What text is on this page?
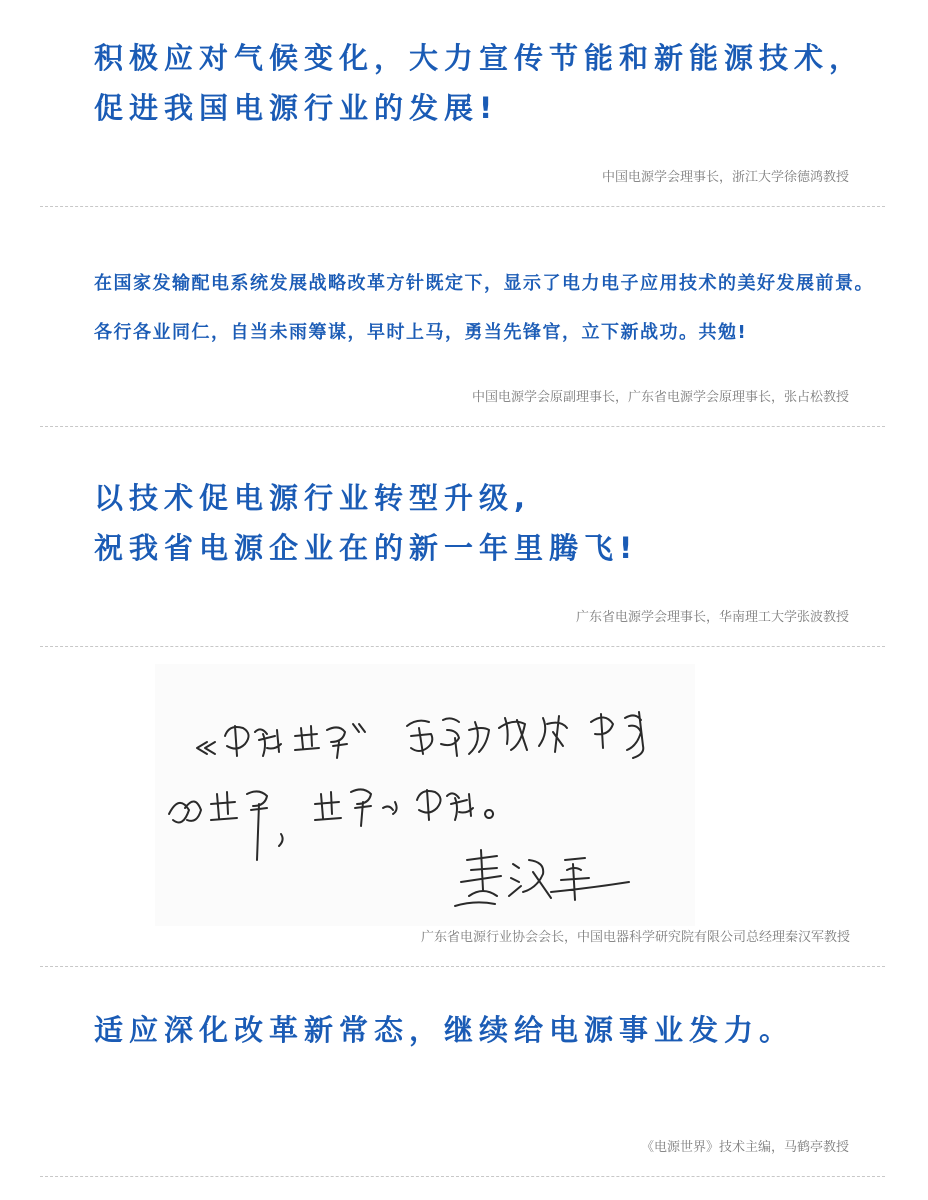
积极应对气候变化，大力宣传节能和新能源技术，

促进我国电源行业的发展!

中国电源学会理事长，浙江大学徐德鸿教授

在国家发输配电系统发展战略改革方针既定下，显示了电力电子应用技术的美好发展前景。

各行各业同仁，自当未雨筹谋，早时上马，勇当先锋官，立下新战功。共勉!

中国电源学会原副理事长，广东省电源学会原理事长，张占松教授

以技术促电源行业转型升级,

祝我省电源企业在的新一年里腾飞!

广东省电源学会理事长，华南理工大学张波教授

广东省电源行业协会会长，中国电器科学研究院有限公司总经理秦汉军教授

适应深化改革新常态，继续给电源事业发力。

《电源世界》技术主编，马鹤亭教授
